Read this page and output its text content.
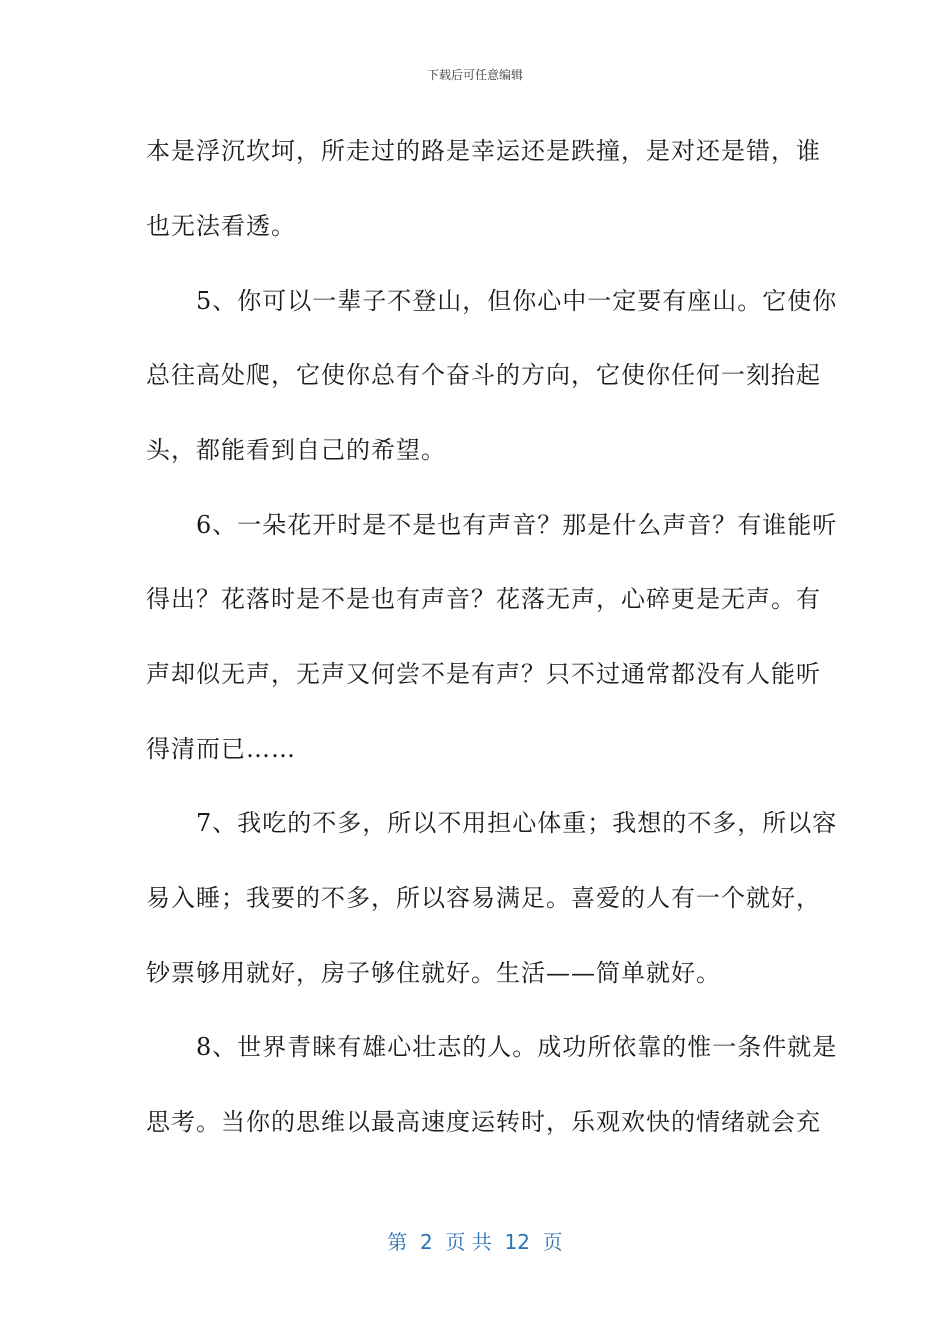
下载后可任意编辑
本是浮沉坎坷，所走过的路是幸运还是跌撞，是对还是错，谁
也无法看透。
　　5、你可以一辈子不登山，但你心中一定要有座山。它使你
总往高处爬，它使你总有个奋斗的方向，它使你任何一刻抬起
头，都能看到自己的希望。
　　6、一朵花开时是不是也有声音？那是什么声音？有谁能听
得出？花落时是不是也有声音？花落无声，心碎更是无声。有
声却似无声，无声又何尝不是有声？只不过通常都没有人能听
得清而已……
　　7、我吃的不多，所以不用担心体重；我想的不多，所以容
易入睡；我要的不多，所以容易满足。喜爱的人有一个就好，
钞票够用就好，房子够住就好。生活——简单就好。
　　8、世界青睐有雄心壮志的人。成功所依靠的惟一条件就是
思考。当你的思维以最高速度运转时，乐观欢快的情绪就会充
第  2  页 共  12  页
